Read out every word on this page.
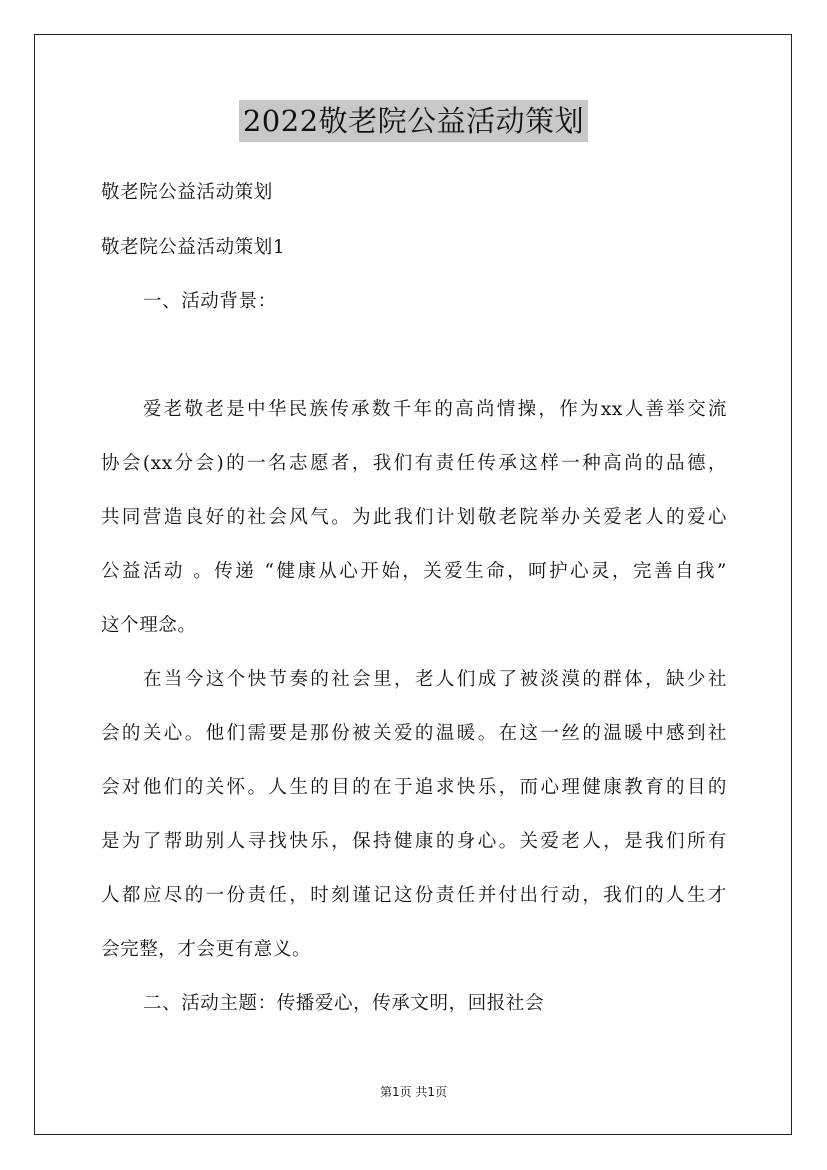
2022敬老院公益活动策划
敬老院公益活动策划
敬老院公益活动策划1
一、活动背景：
爱老敬老是中华民族传承数千年的高尚情操，作为xx人善举交流
协会(xx分会)的一名志愿者，我们有责任传承这样一种高尚的品德，
共同营造良好的社会风气。为此我们计划敬老院举办关爱老人的爱心
公益活动 。传递 “健康从心开始，关爱生命，呵护心灵，完善自我”
这个理念。
在当今这个快节奏的社会里，老人们成了被淡漠的群体，缺少社
会的关心。他们需要是那份被关爱的温暖。在这一丝的温暖中感到社
会对他们的关怀。人生的目的在于追求快乐，而心理健康教育的目的
是为了帮助别人寻找快乐，保持健康的身心。关爱老人，是我们所有
人都应尽的一份责任，时刻谨记这份责任并付出行动，我们的人生才
会完整，才会更有意义。
二、活动主题：传播爱心，传承文明，回报社会
第1页 共1页
